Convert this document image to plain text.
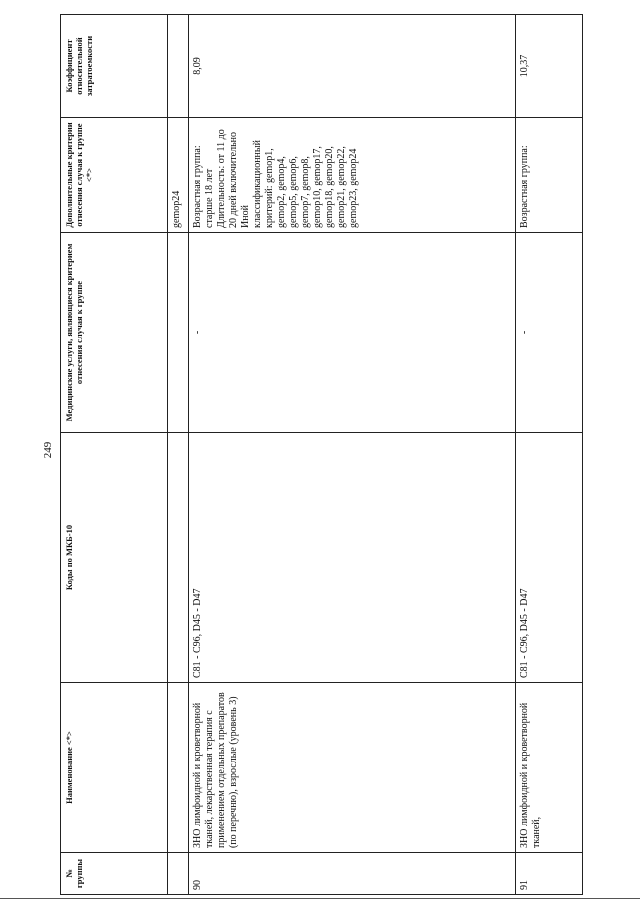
249
№ группы	Наименование <*>	Коды по МКБ-10	Медицинские услуги, являющиеся критерием отнесения случая к группе	Дополнительные критерии отнесения случая к группе <*>	Коэффициент относительной затратоемкости
				gemop24	
90	ЗНО лимфоидной и кроветворной тканей, лекарственная терапия с применением отдельных препаратов (по перечню), взрослые (уровень 3)	C81 - C96, D45 - D47	-	Возрастная группа: старше 18 лет Длительность: от 11 до 20 дней включительно Иной классификационный критерий: gemop1, gemop2, gemop4, gemop5, gemop6, gemop7, gemop8, gemop10, gemop17, gemop18, gemop20, gemop21, gemop22, gemop23, gemop24	8,09
91	ЗНО лимфоидной и кроветворной тканей,	C81 - C96, D45 - D47	-	Возрастная группа:	10,37
